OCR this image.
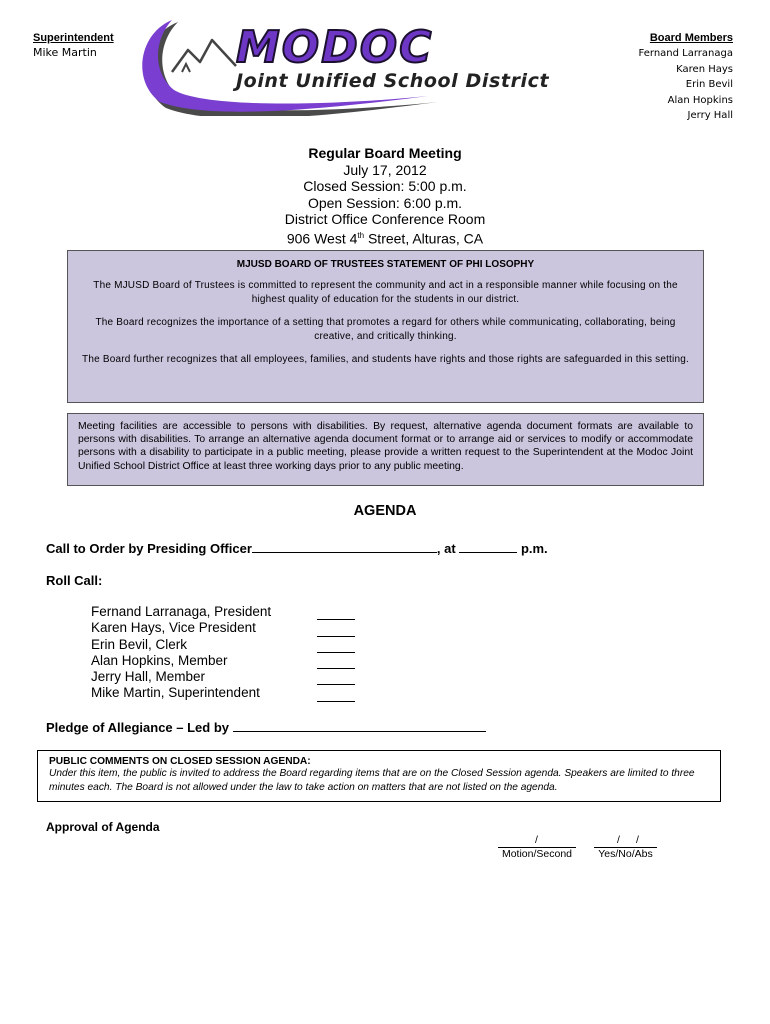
Superintendent
Mike Martin
Board Members
Fernand Larranaga
Karen Hays
Erin Bevil
Alan Hopkins
Jerry Hall
MODOC
Joint Unified School District
Regular Board Meeting
July 17, 2012
Closed Session: 5:00 p.m.
Open Session: 6:00 p.m.
District Office Conference Room
906 West 4th Street, Alturas, CA
MJUSD BOARD OF TRUSTEES STATEMENT OF PHI LOSOPHY

The MJUSD Board of Trustees is committed to represent the community and act in a responsible manner while focusing on the highest quality of education for the students in our district.

The Board recognizes the importance of a setting that promotes a regard for others while communicating, collaborating, being creative, and critically thinking.

The Board further recognizes that all employees, families, and students have rights and those rights are safeguarded in this setting.

Meeting facilities are accessible to persons with disabilities. By request, alternative agenda document formats are available to persons with disabilities. To arrange an alternative agenda document format or to arrange aid or services to modify or accommodate persons with a disability to participate in a public meeting, please provide a written request to the Superintendent at the Modoc Joint Unified School District Office at least three working days prior to any public meeting.
AGENDA
Call to Order by Presiding Officer	, at	p.m.
Roll Call:
Fernand Larranaga, President
Karen Hays, Vice President
Erin Bevil, Clerk
Alan Hopkins, Member
Jerry Hall, Member
Mike Martin, Superintendent
Pledge of Allegiance – Led by
PUBLIC COMMENTS ON CLOSED SESSION AGENDA:
Under this item, the public is invited to address the Board regarding items that are on the Closed Session agenda. Speakers are limited to three minutes each. The Board is not allowed under the law to take action on matters that are not listed on the agenda.
Approval of Agenda
/
Motion/Second
/ /
Yes/No/Abs
